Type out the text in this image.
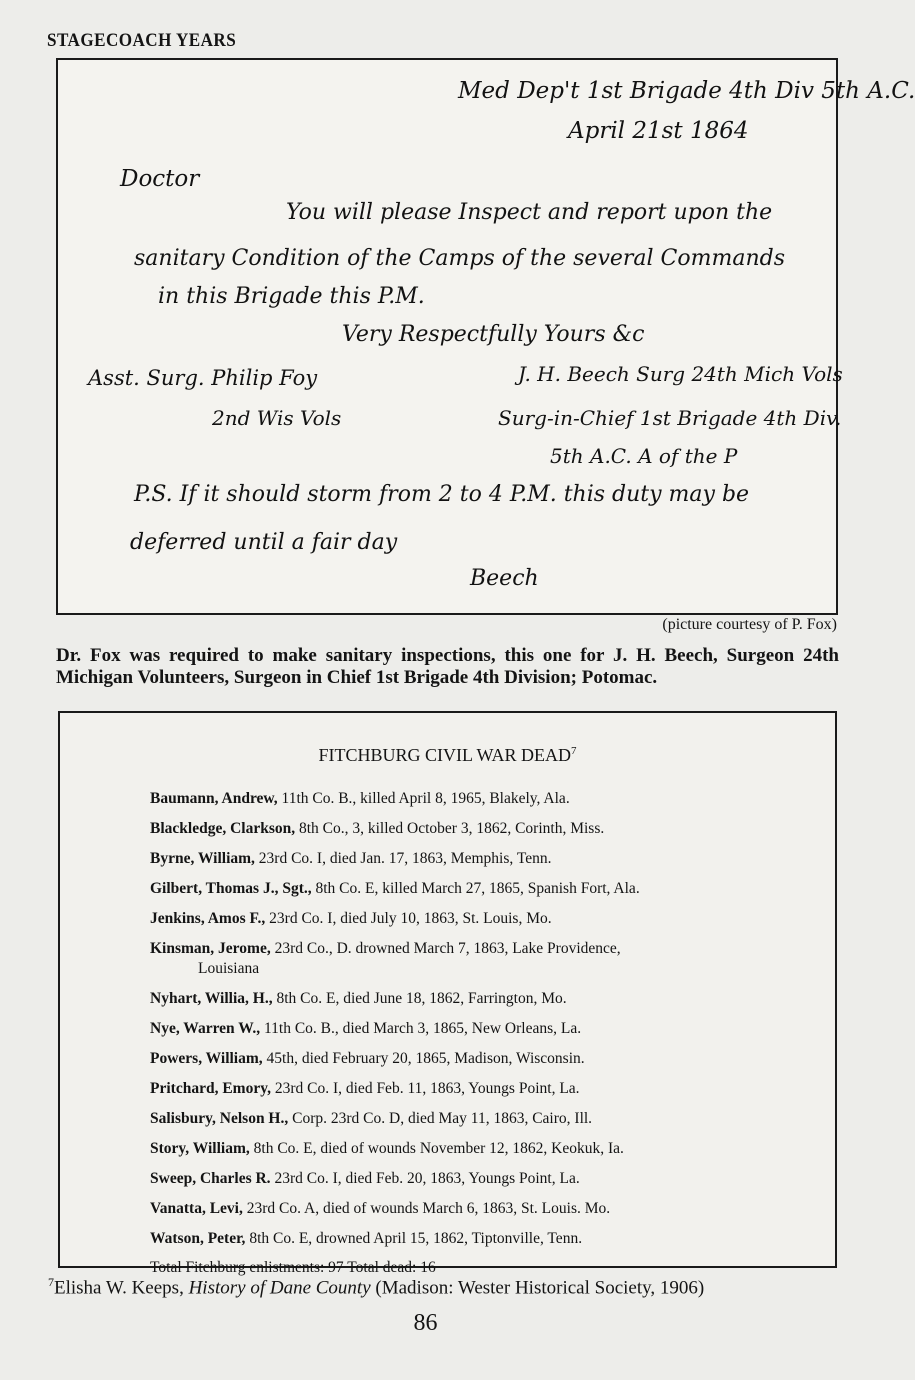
STAGECOACH YEARS
Med Dep't 1st Brigade 4th Div 5th A.C.
April 21st 1864
Doctor
You will please Inspect and report upon the
sanitary Condition of the Camps of the several Commands
in this Brigade this P.M.
Very Respectfully Yours &c
Asst. Surg. Philip Foy
2nd Wis Vols
J. H. Beech Surg 24th Mich Vols
Surg-in-Chief 1st Brigade 4th Div.
5th A.C. A of the P
P.S. If it should storm from 2 to 4 P.M. this duty may be
deferred until a fair day
Beech
(picture courtesy of P. Fox)
Dr. Fox was required to make sanitary inspections, this one for J. H. Beech, Surgeon 24th Michigan Volunteers, Surgeon in Chief 1st Brigade 4th Division; Potomac.
FITCHBURG CIVIL WAR DEAD$^7$
Baumann, Andrew, 11th Co. B., killed April 8, 1965, Blakely, Ala.
Blackledge, Clarkson, 8th Co., 3, killed October 3, 1862, Corinth, Miss.
Byrne, William, 23rd Co. I, died Jan. 17, 1863, Memphis, Tenn.
Gilbert, Thomas J., Sgt., 8th Co. E, killed March 27, 1865, Spanish Fort, Ala.
Jenkins, Amos F., 23rd Co. I, died July 10, 1863, St. Louis, Mo.
Kinsman, Jerome, 23rd Co., D. drowned March 7, 1863, Lake Providence,
Louisiana
Nyhart, Willia, H., 8th Co. E, died June 18, 1862, Farrington, Mo.
Nye, Warren W., 11th Co. B., died March 3, 1865, New Orleans, La.
Powers, William, 45th, died February 20, 1865, Madison, Wisconsin.
Pritchard, Emory, 23rd Co. I, died Feb. 11, 1863, Youngs Point, La.
Salisbury, Nelson H., Corp. 23rd Co. D, died May 11, 1863, Cairo, Ill.
Story, William, 8th Co. E, died of wounds November 12, 1862, Keokuk, Ia.
Sweep, Charles R. 23rd Co. I, died Feb. 20, 1863, Youngs Point, La.
Vanatta, Levi, 23rd Co. A, died of wounds March 6, 1863, St. Louis. Mo.
Watson, Peter, 8th Co. E, drowned April 15, 1862, Tiptonville, Tenn.
Total Fitchburg enlistments: 97 Total dead: 16
$^7$Elisha W. Keeps, History of Dane County (Madison: Wester Historical Society, 1906)
86
